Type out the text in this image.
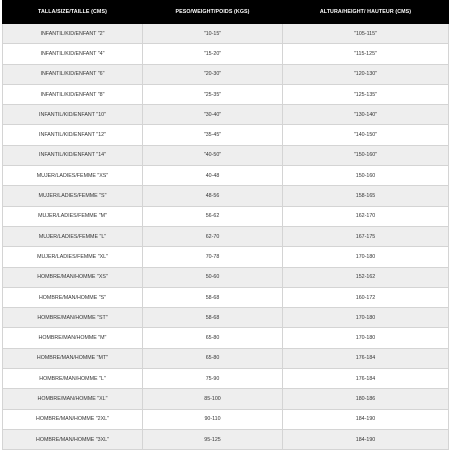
TALLA/SIZE/TAILLE (CMS)	PESO/WEIGHT/POIDS (KGS)	ALTURA/HEIGHT/ HAUTEUR (CMS)
INFANTIL/KID/ENFANT "2"	"10-15"	"105-115"
INFANTIL/KID/ENFANT "4"	"15-20"	"115-125"
INFANTIL/KID/ENFANT "6"	"20-30"	"120-130"
INFANTIL/KID/ENFANT "8"	"25-35"	"125-135"
INFANTIL/KID/ENFANT "10"	"30-40"	"130-140"
INFANTIL/KID/ENFANT "12"	"35-45"	"140-150"
INFANTIL/KID/ENFANT "14"	"40-50"	"150-160"
MUJER/LADIES/FEMME "XS"	40-48	150-160
MUJER/LADIES/FEMME "S"	48-56	158-165
MUJER/LADIES/FEMME "M"	56-62	162-170
MUJER/LADIES/FEMME "L"	62-70	167-175
MUJER/LADIES/FEMME "XL"	70-78	170-180
HOMBRE/MAN/HOMME "XS"	50-60	152-162
HOMBRE/MAN/HOMME "S"	58-68	160-172
HOMBRE/MAN/HOMME "ST"	58-68	170-180
HOMBRE/MAN/HOMME "M"	65-80	170-180
HOMBRE/MAN/HOMME "MT"	65-80	176-184
HOMBRE/MAN/HOMME "L"	75-90	176-184
HOMBRE/MAN/HOMME "XL"	85-100	180-186
HOMBRE/MAN/HOMME "2XL"	90-110	184-190
HOMBRE/MAN/HOMME "3XL"	95-125	184-190
